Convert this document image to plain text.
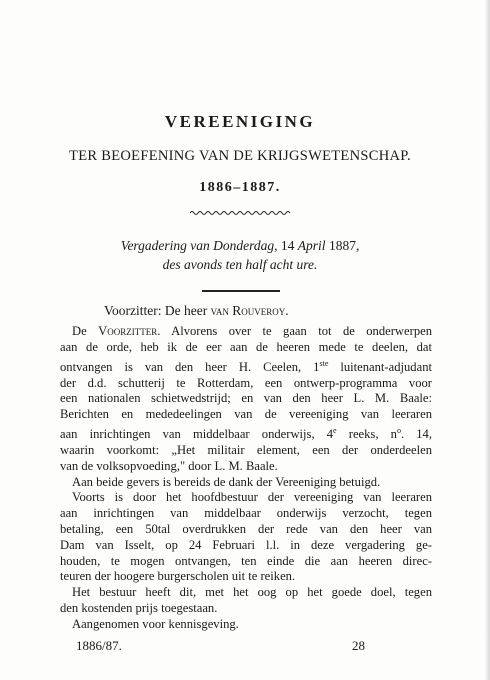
VEREENIGING
TER BEOEFENING VAN DE KRIJGSWETENSCHAP.
1886–1887.
Vergadering van Donderdag, 14 April 1887,
des avonds ten half acht ure.
Voorzitter: De heer van Rouveroy.
De Voorzitter. Alvorens over te gaan tot de onderwerpen
aan de orde, heb ik de eer aan de heeren mede te deelen, dat
ontvangen is van den heer H. Ceelen, 1ste luitenant-adjudant
der d.d. schutterij te Rotterdam, een ontwerp-programma voor
een nationalen schietwedstrijd; en van den heer L. M. Baale:
Berichten en mededeelingen van de vereeniging van leeraren
aan inrichtingen van middelbaar onderwijs, 4e reeks, $n^o$. 14,
waarin voorkomt: „Het militair element, een der onderdeelen
van de volksopvoeding," door L. M. Baale.
Aan beide gevers is bereids de dank der Vereeniging betuigd.
Voorts is door het hoofdbestuur der vereeniging van leeraren
aan inrichtingen van middelbaar onderwijs verzocht, tegen
betaling, een 50tal overdrukken der rede van den heer van
Dam van Isselt, op 24 Februari l.l. in deze vergadering ge-
houden, te mogen ontvangen, ten einde die aan heeren direc-
teuren der hoogere burgerscholen uit te reiken.
Het bestuur heeft dit, met het oog op het goede doel, tegen
den kostenden prijs toegestaan.
Aangenomen voor kennisgeving.
1886/87.	28
